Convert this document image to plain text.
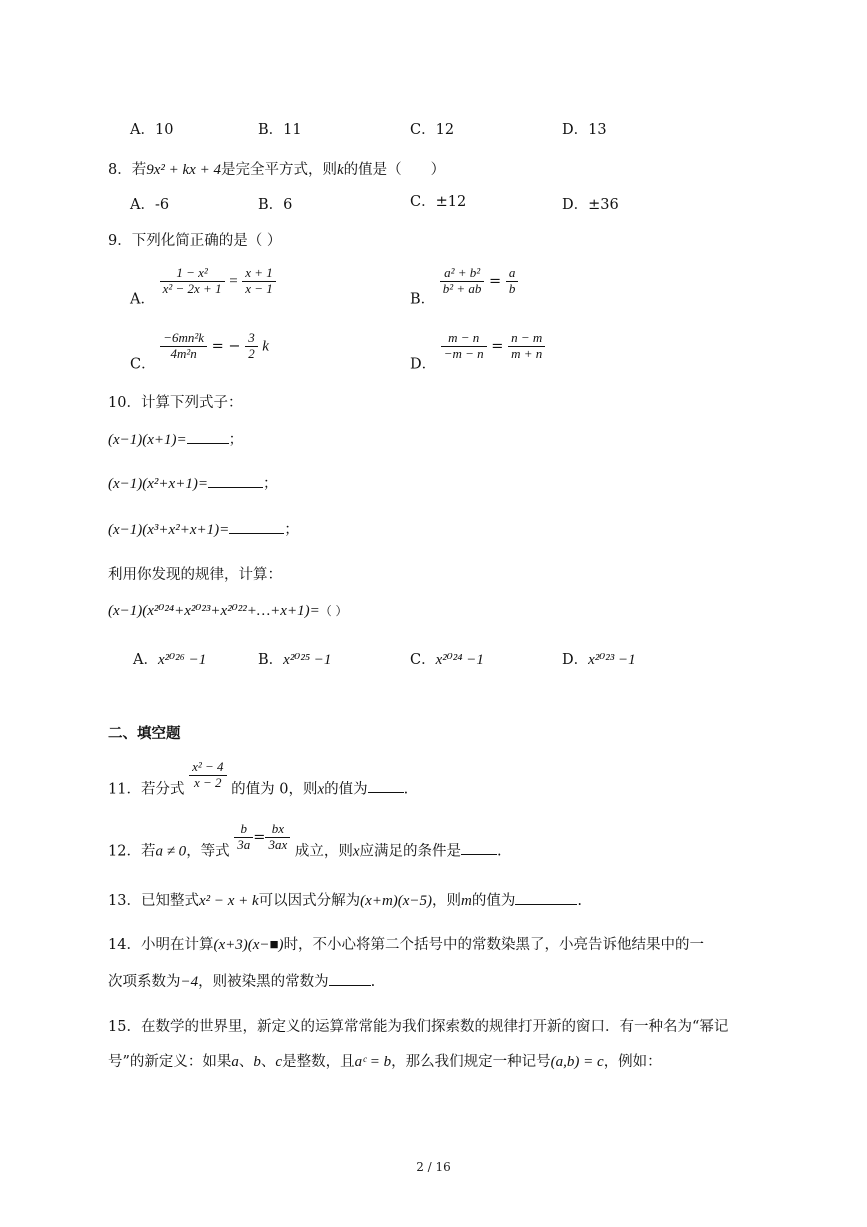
A．10	B．11	C．12	D．13
8．若9x² + kx + 4是完全平方式，则k的值是（　　）
A．-6	B．6	C．±12	D．±36
9．下列化简正确的是（ ）
A．
$\frac{\text{1 − x²}}{\text{x² − 2x + 1}} = \frac{x + 1}{x - 1}$
B．
$\frac{\text{a² + b²}}{\text{b² + ab}} = \frac{a}{b}$
C．
$\frac{\text{−6mn²k}}{\text{4m²n}}$ = − $\frac{3}{2}$ k
D．
$\frac{m - n}{-m - n} = \frac{n - m}{m + n}$
10．计算下列式子：
(x−1)(x+1)=	；
(x−1)(x²+x+1)=	；
(x−1)(x³+x²+x+1)=	；
利用你发现的规律，计算：
(x−1)(x²⁰²⁴+x²⁰²³+x²⁰²²+…+x+1)=（ ）
A．x²⁰²⁶ −1	B．x²⁰²⁵ −1	C．x²⁰²⁴ −1	D．x²⁰²³ −1
二、填空题
11．若分式 $\frac{\text{x² − 4}}{x - 2}$ 的值为 0，则x的值为 .
12．若a ≠ 0，等式 $\frac{b}{3a} = \frac{bx}{3ax}$ 成立，则x应满足的条件是 .
13．已知整式x² − x + k可以因式分解为(x+m)(x−5)，则m的值为	.
14．小明在计算(x+3)(x−■)时，不小心将第二个括号中的常数染黑了，小亮告诉他结果中的一
次项系数为−4，则被染黑的常数为	.
15．在数学的世界里，新定义的运算常常能为我们探索数的规律打开新的窗口．有一种名为“幂记
号”的新定义：如果a、b、c是整数，且aᶜ = b，那么我们规定一种记号(a,b) = c，例如：
2 / 16
